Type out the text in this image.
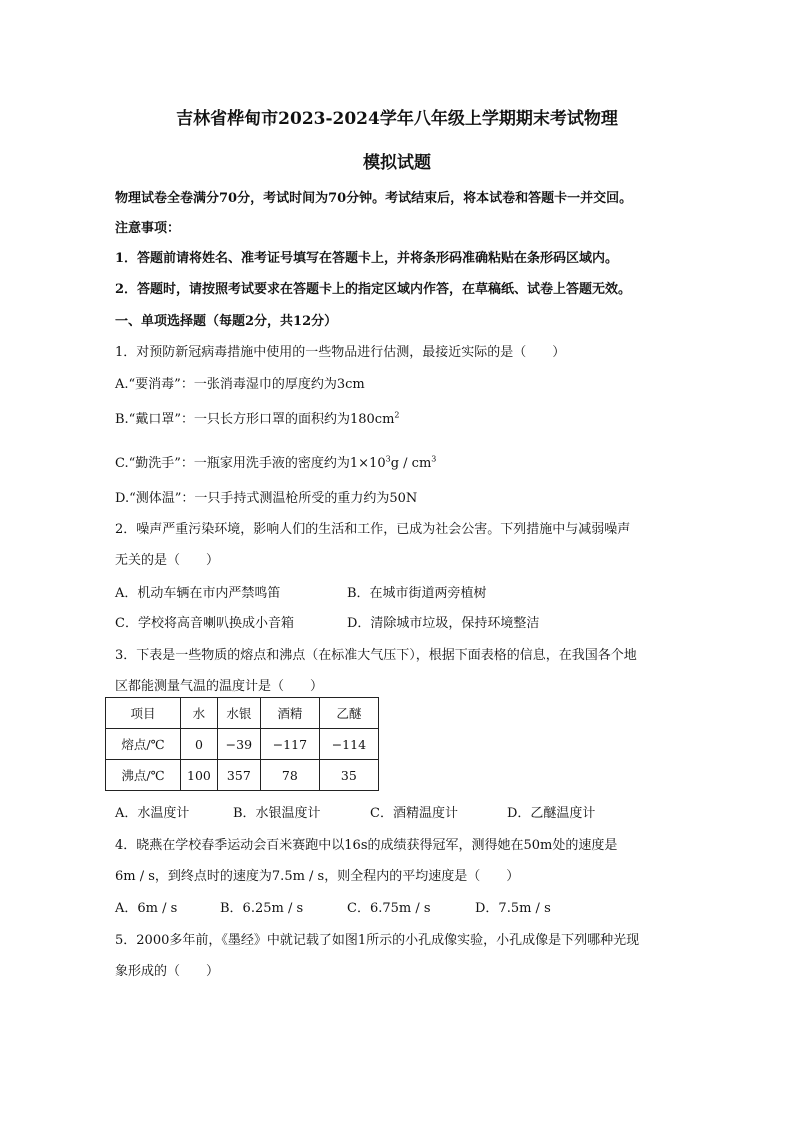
吉林省桦甸市2023-2024学年八年级上学期期末考试物理
模拟试题
物理试卷全卷满分70分，考试时间为70分钟。考试结束后，将本试卷和答题卡一并交回。
注意事项：
1．答题前请将姓名、准考证号填写在答题卡上，并将条形码准确粘贴在条形码区域内。
2．答题时，请按照考试要求在答题卡上的指定区域内作答，在草稿纸、试卷上答题无效。
一、单项选择题（每题2分，共12分）
1．对预防新冠病毒措施中使用的一些物品进行估测，最接近实际的是（　　）
A.“要消毒”：一张消毒湿巾的厚度约为3cm
B.“戴口罩”：一只长方形口罩的面积约为$180cm^2$
C.“勤洗手”：一瓶家用洗手液的密度约为$1\times 10^3g / cm^3$
D.“测体温”：一只手持式测温枪所受的重力约为50N
2．噪声严重污染环境，影响人们的生活和工作，已成为社会公害。下列措施中与减弱噪声
无关的是（　　）
A．机动车辆在市内严禁鸣笛	B．在城市街道两旁植树
C．学校将高音喇叭换成小音箱	D．清除城市垃圾，保持环境整洁
3．下表是一些物质的熔点和沸点（在标准大气压下），根据下面表格的信息，在我国各个地
区都能测量气温的温度计是（　　）
项目	水	水银	酒精	乙醚
熔点/℃	0	−39	−117	−114
沸点/℃	100	357	78	35
A．水温度计	B．水银温度计	C．酒精温度计	D．乙醚温度计
4．晓燕在学校春季运动会百米赛跑中以16s的成绩获得冠军，测得她在50m处的速度是
6m / s，到终点时的速度为7.5m / s，则全程内的平均速度是（　　）
A．6m / s	B．6.25m / s	C．6.75m / s	D．7.5m / s
5．2000多年前，《墨经》中就记载了如图1所示的小孔成像实验，小孔成像是下列哪种光现
象形成的（　　）
